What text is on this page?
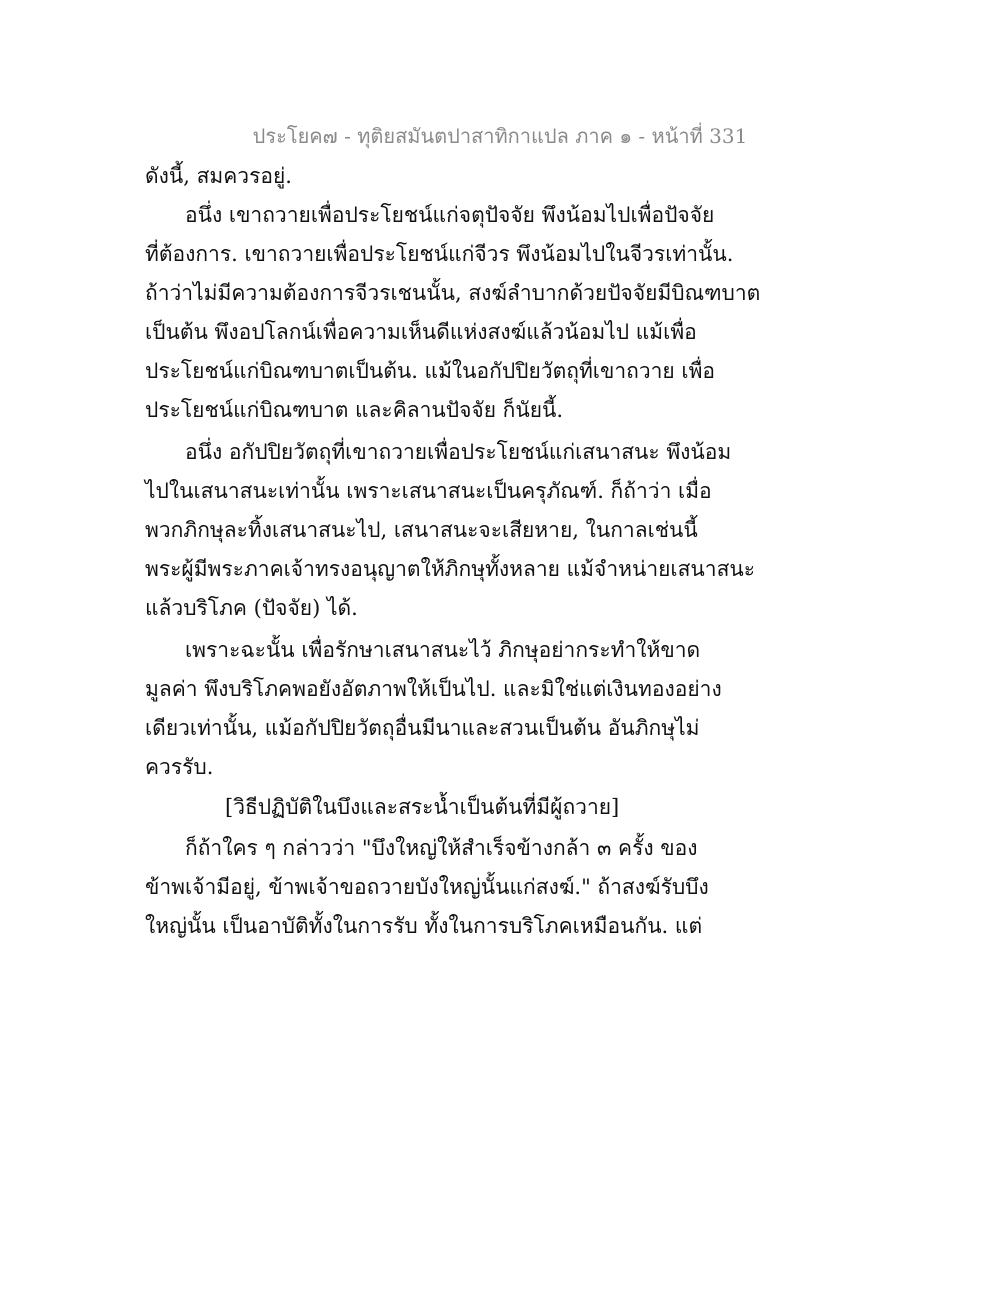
ประโยค๗ - ทุติยสมันตปาสาทิกาแปล ภาค ๑ - หน้าที่ 331
ดังนี้, สมควรอยู่.
อนึ่ง เขาถวายเพื่อประโยชน์แก่จตุปัจจัย พึงน้อมไปเพื่อปัจจัย
ที่ต้องการ. เขาถวายเพื่อประโยชน์แก่จีวร พึงน้อมไปในจีวรเท่านั้น.
ถ้าว่าไม่มีความต้องการจีวรเชนนั้น, สงฆ์ลำบากด้วยปัจจัยมีบิณฑบาต
เป็นต้น พึงอปโลกน์เพื่อความเห็นดีแห่งสงฆ์แล้วน้อมไป แม้เพื่อ
ประโยชน์แก่บิณฑบาตเป็นต้น. แม้ในอกัปปิยวัตถุที่เขาถวาย เพื่อ
ประโยชน์แก่บิณฑบาต และคิลานปัจจัย ก็นัยนี้.
อนึ่ง อกัปปิยวัตถุที่เขาถวายเพื่อประโยชน์แก่เสนาสนะ พึงน้อม
ไปในเสนาสนะเท่านั้น เพราะเสนาสนะเป็นครุภัณฑ์. ก็ถ้าว่า เมื่อ
พวกภิกษุละทิ้งเสนาสนะไป, เสนาสนะจะเสียหาย, ในกาลเช่นนี้
พระผู้มีพระภาคเจ้าทรงอนุญาตให้ภิกษุทั้งหลาย แม้จำหน่ายเสนาสนะ
แล้วบริโภค (ปัจจัย) ได้.
เพราะฉะนั้น เพื่อรักษาเสนาสนะไว้ ภิกษุอย่ากระทำให้ขาด
มูลค่า พึงบริโภคพอยังอัตภาพให้เป็นไป. และมิใช่แต่เงินทองอย่าง
เดียวเท่านั้น, แม้อกัปปิยวัตถุอื่นมีนาและสวนเป็นต้น อันภิกษุไม่
ควรรับ.
[วิธีปฏิบัติในบึงและสระน้ำเป็นต้นที่มีผู้ถวาย]
ก็ถ้าใคร ๆ กล่าวว่า "บึงใหญ่ให้สำเร็จข้างกล้า ๓ ครั้ง ของ
ข้าพเจ้ามีอยู่, ข้าพเจ้าขอถวายบังใหญ่นั้นแก่สงฆ์." ถ้าสงฆ์รับบึง
ใหญ่นั้น เป็นอาบัติทั้งในการรับ ทั้งในการบริโภคเหมือนกัน. แต่
